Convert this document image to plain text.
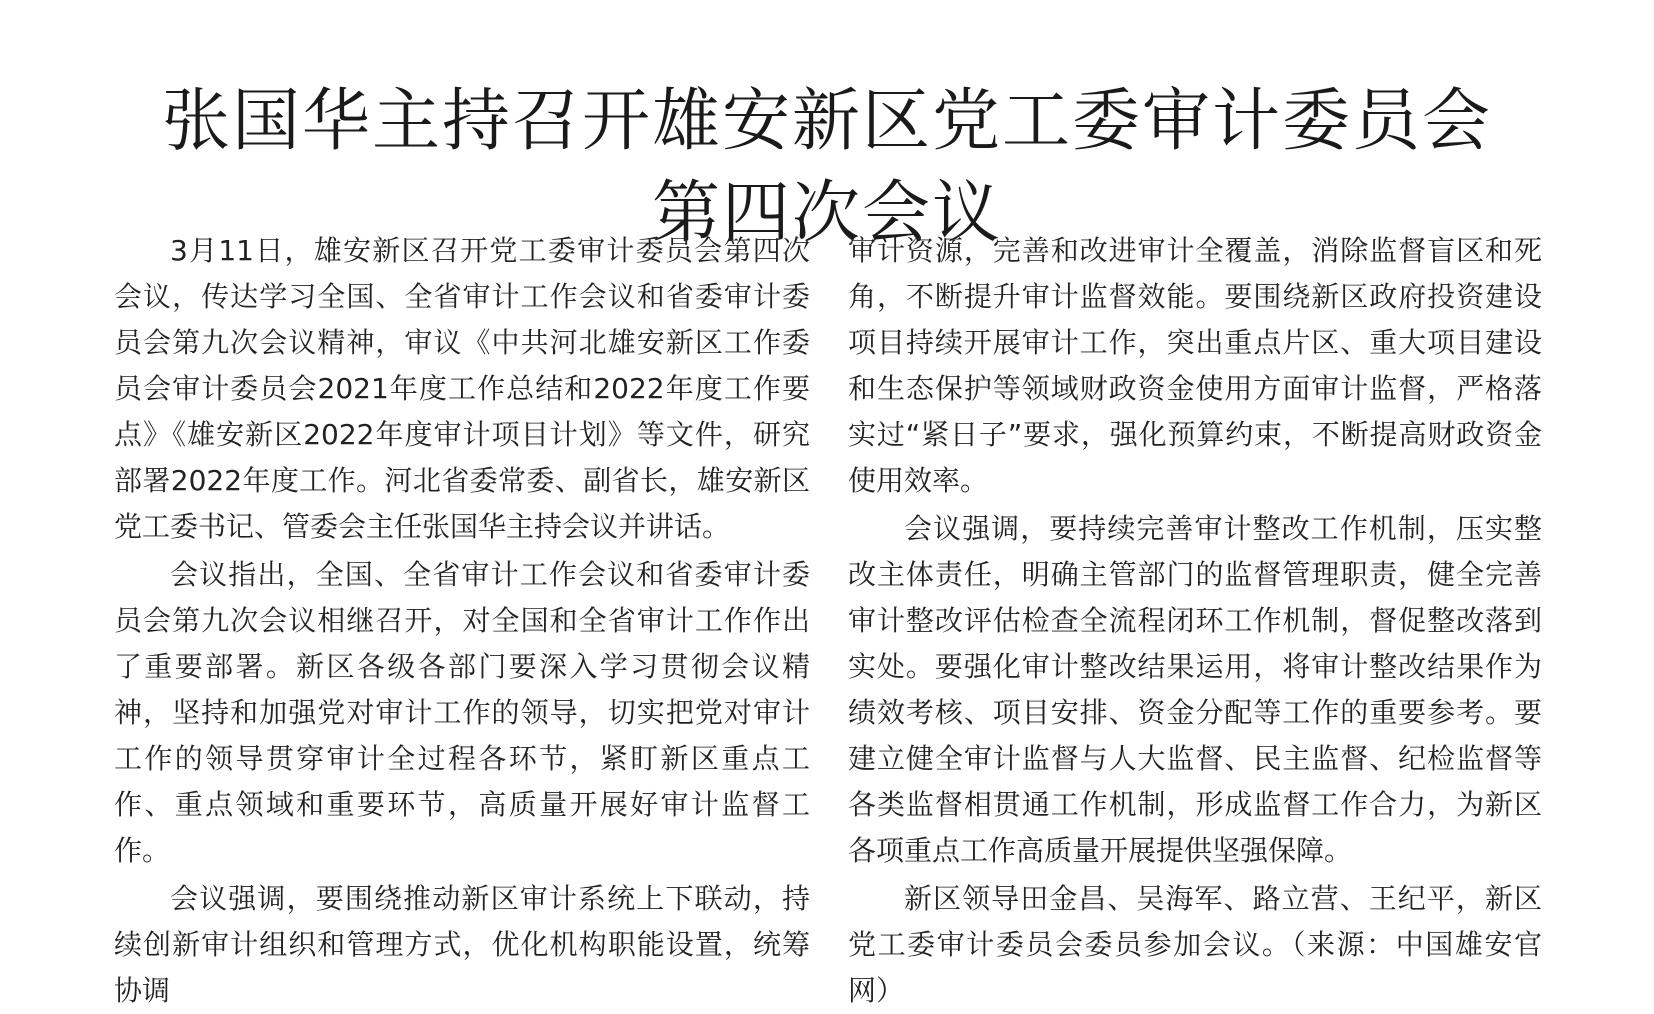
张国华主持召开雄安新区党工委审计委员会
第四次会议

3月11日，雄安新区召开党工委审计委员会第四次会议，传达学习全国、全省审计工作会议和省委审计委员会第九次会议精神，审议《中共河北雄安新区工作委员会审计委员会2021年度工作总结和2022年度工作要点》《雄安新区2022年度审计项目计划》等文件，研究部署2022年度工作。河北省委常委、副省长，雄安新区党工委书记、管委会主任张国华主持会议并讲话。

会议指出，全国、全省审计工作会议和省委审计委员会第九次会议相继召开，对全国和全省审计工作作出了重要部署。新区各级各部门要深入学习贯彻会议精神，坚持和加强党对审计工作的领导，切实把党对审计工作的领导贯穿审计全过程各环节，紧盯新区重点工作、重点领域和重要环节，高质量开展好审计监督工作。

会议强调，要围绕推动新区审计系统上下联动，持续创新审计组织和管理方式，优化机构职能设置，统筹协调

审计资源，完善和改进审计全覆盖，消除监督盲区和死角，不断提升审计监督效能。要围绕新区政府投资建设项目持续开展审计工作，突出重点片区、重大项目建设和生态保护等领域财政资金使用方面审计监督，严格落实过“紧日子”要求，强化预算约束，不断提高财政资金使用效率。

会议强调，要持续完善审计整改工作机制，压实整改主体责任，明确主管部门的监督管理职责，健全完善审计整改评估检查全流程闭环工作机制，督促整改落到实处。要强化审计整改结果运用，将审计整改结果作为绩效考核、项目安排、资金分配等工作的重要参考。要建立健全审计监督与人大监督、民主监督、纪检监督等各类监督相贯通工作机制，形成监督工作合力，为新区各项重点工作高质量开展提供坚强保障。

新区领导田金昌、吴海军、路立营、王纪平，新区党工委审计委员会委员参加会议。（来源：中国雄安官网）
